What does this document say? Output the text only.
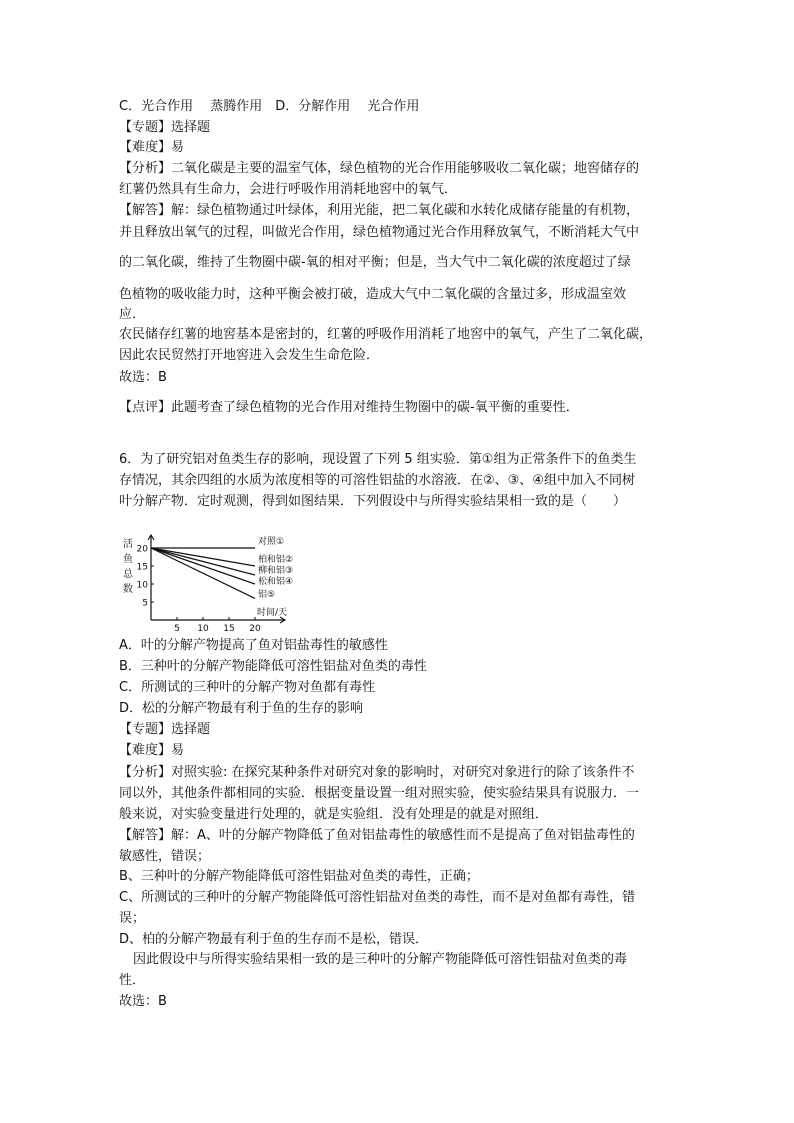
C．光合作用　 蒸腾作用　D．分解作用　 光合作用
【专题】选择题
【难度】易
【分析】二氧化碳是主要的温室气体，绿色植物的光合作用能够吸收二氧化碳；地窖储存的
红薯仍然具有生命力，会进行呼吸作用消耗地窖中的氧气．
【解答】解：绿色植物通过叶绿体，利用光能，把二氧化碳和水转化成储存能量的有机物，
并且释放出氧气的过程，叫做光合作用，绿色植物通过光合作用释放氧气，不断消耗大气中
的二氧化碳，维持了生物圈中碳-氧的相对平衡；但是，当大气中二氧化碳的浓度超过了绿
色植物的吸收能力时，这种平衡会被打破，造成大气中二氧化碳的含量过多，形成温室效
应．
农民储存红薯的地窖基本是密封的，红薯的呼吸作用消耗了地窖中的氧气，产生了二氧化碳，
因此农民贸然打开地窖进入会发生生命危险．
故选：B
【点评】此题考查了绿色植物的光合作用对维持生物圈中的碳-氧平衡的重要性．
6．为了研究铝对鱼类生存的影响，现设置了下列 5 组实验．第①组为正常条件下的鱼类生
存情况，其余四组的水质为浓度相等的可溶性铝盐的水溶液．在②、③、④组中加入不同树
叶分解产物．定时观测，得到如图结果．下列假设中与所得实验结果相一致的是（　　）
活鱼总数
5
10
15
20
5 10 15 20
时间/天
对照①
柏和铝②
柳和铝③
松和铝④
铝⑤
A．叶的分解产物提高了鱼对铝盐毒性的敏感性
B．三种叶的分解产物能降低可溶性铝盐对鱼类的毒性
C．所测试的三种叶的分解产物对鱼都有毒性
D．松的分解产物最有利于鱼的生存的影响
【专题】选择题
【难度】易
【分析】对照实验: 在探究某种条件对研究对象的影响时，对研究对象进行的除了该条件不
同以外，其他条件都相同的实验．根据变量设置一组对照实验，使实验结果具有说服力．一
般来说，对实验变量进行处理的，就是实验组．没有处理是的就是对照组．
【解答】解：A、叶的分解产物降低了鱼对铝盐毒性的敏感性而不是提高了鱼对铝盐毒性的
敏感性，错误；
B、三种叶的分解产物能降低可溶性铝盐对鱼类的毒性，正确；
C、所测试的三种叶的分解产物能降低可溶性铝盐对鱼类的毒性，而不是对鱼都有毒性，错
误；
D、柏的分解产物最有利于鱼的生存而不是松，错误．
因此假设中与所得实验结果相一致的是三种叶的分解产物能降低可溶性铝盐对鱼类的毒
性．
故选：B
